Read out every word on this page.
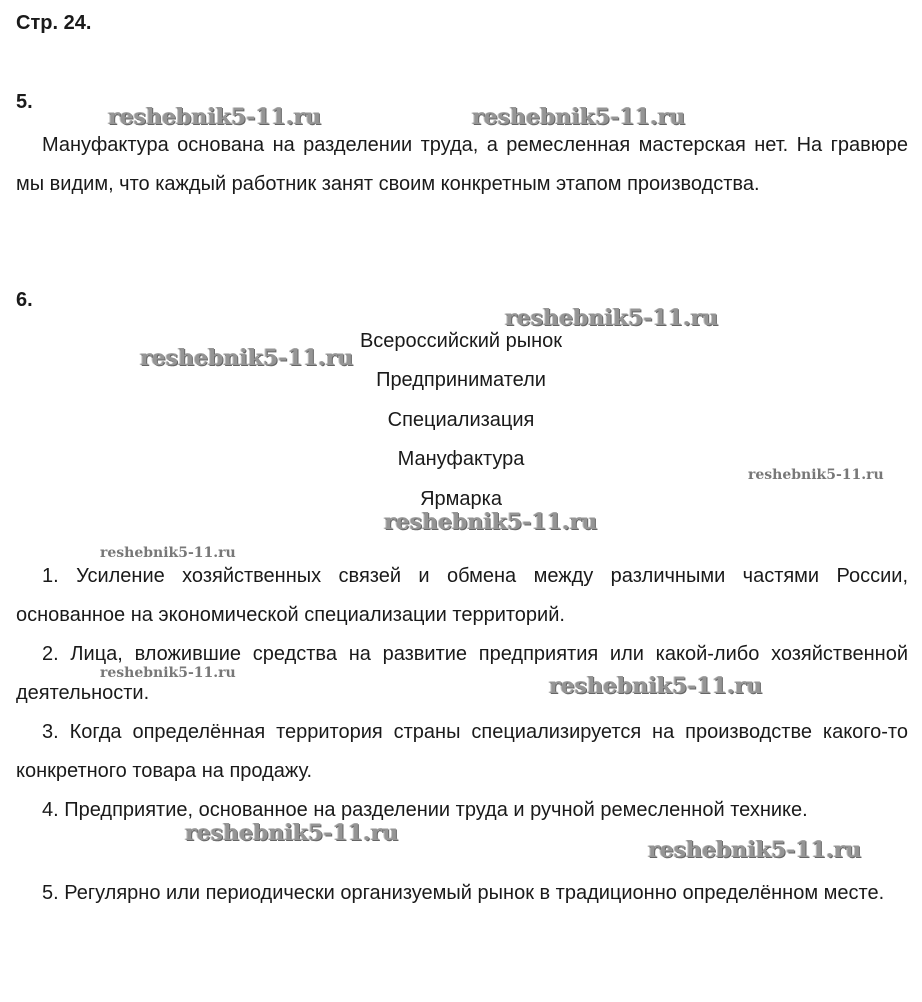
Стр. 24.
5.

Мануфактура основана на разделении труда, а ремесленная мастерская нет. На гравюре мы видим, что каждый работник занят своим конкретным этапом производства.

6.
Всероссийский рынок
Предприниматели
Специализация
Мануфактура
Ярмарка

1. Усиление хозяйственных связей и обмена между различными частями России, основанное на экономической специализации территорий.

2. Лица, вложившие средства на развитие предприятия или какой-либо хозяйственной деятельности.

3. Когда определённая территория страны специализируется на производстве какого-то конкретного товара на продажу.

4. Предприятие, основанное на разделении труда и ручной ремесленной технике.

5. Регулярно или периодически организуемый рынок в традиционно определённом месте.

reshebnik5-11.ru	reshebnik5-11.ru
reshebnik5-11.ru
reshebnik5-11.ru
reshebnik5-11.ru
reshebnik5-11.ru
reshebnik5-11.ru
reshebnik5-11.ru	reshebnik5-11.ru
reshebnik5-11.ru
reshebnik5-11.ru
